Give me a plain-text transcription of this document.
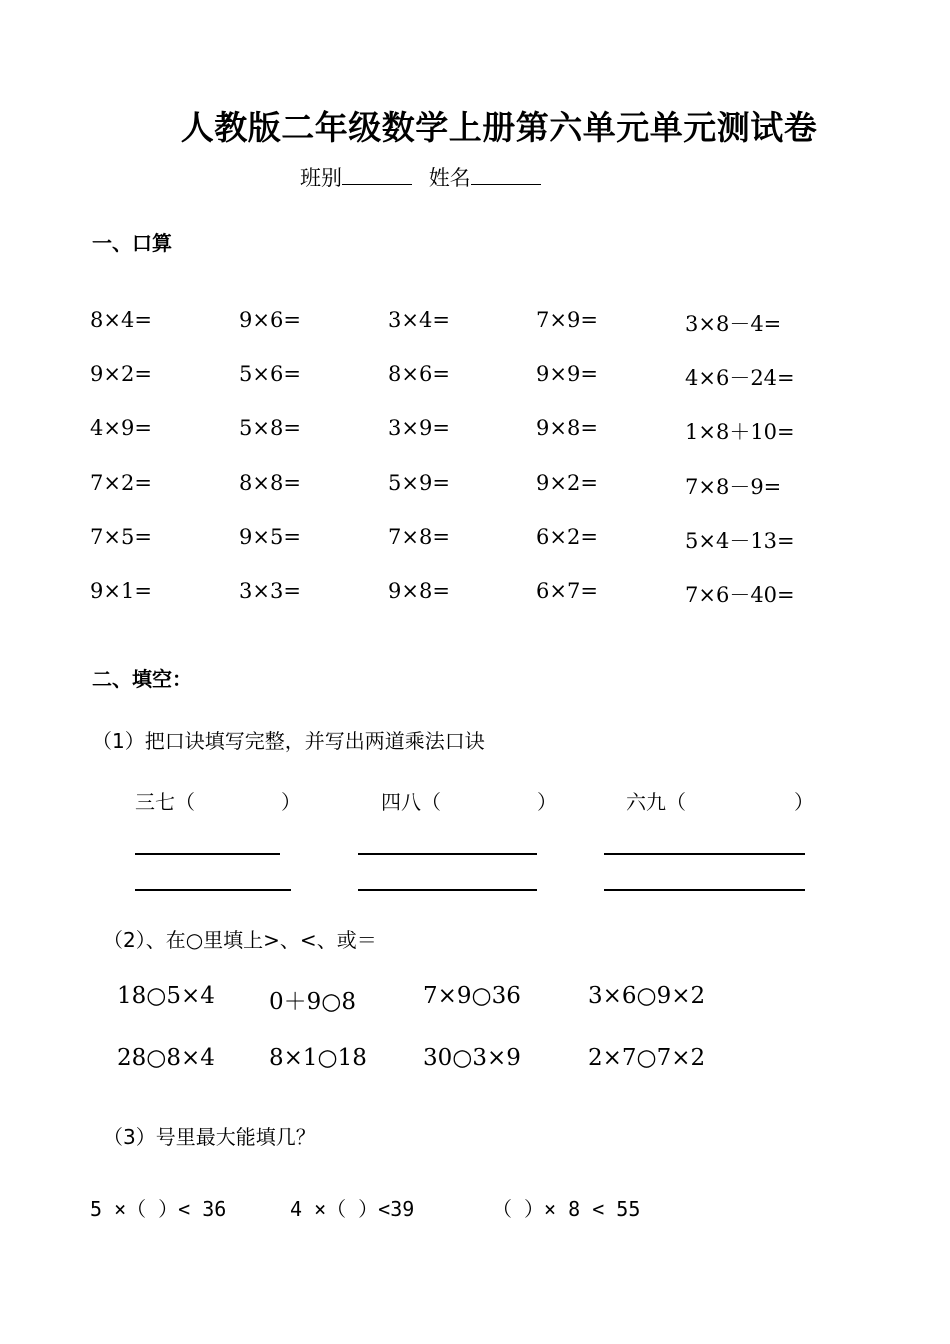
人教版二年级数学上册第六单元单元测试卷
班别	姓名
一、口算
8×4=	9×6=	3×4=	7×9=	3×8－4=
9×2=	5×6=	8×6=	9×9=	4×6－24=
4×9=	5×8=	3×9=	9×8=	1×8＋10=
7×2=	8×8=	5×9=	9×2=	7×8－9=
7×5=	9×5=	7×8=	6×2=	5×4－13=
9×1=	3×3=	9×8=	6×7=	7×6－40=
二、填空：
（1）把口诀填写完整，并写出两道乘法口诀
三七（	）	四八（	）	六九（	）
（2）、在○里填上>、<、或＝
18○5×4 0＋9○8	7×9○36	3×6○9×2
28○8×4 8×1○18 30○3×9	2×7○7×2
（3）号里最大能填几？
5 ×（ ）< 36	4 ×（ ）<39	（ ）× 8 < 55
